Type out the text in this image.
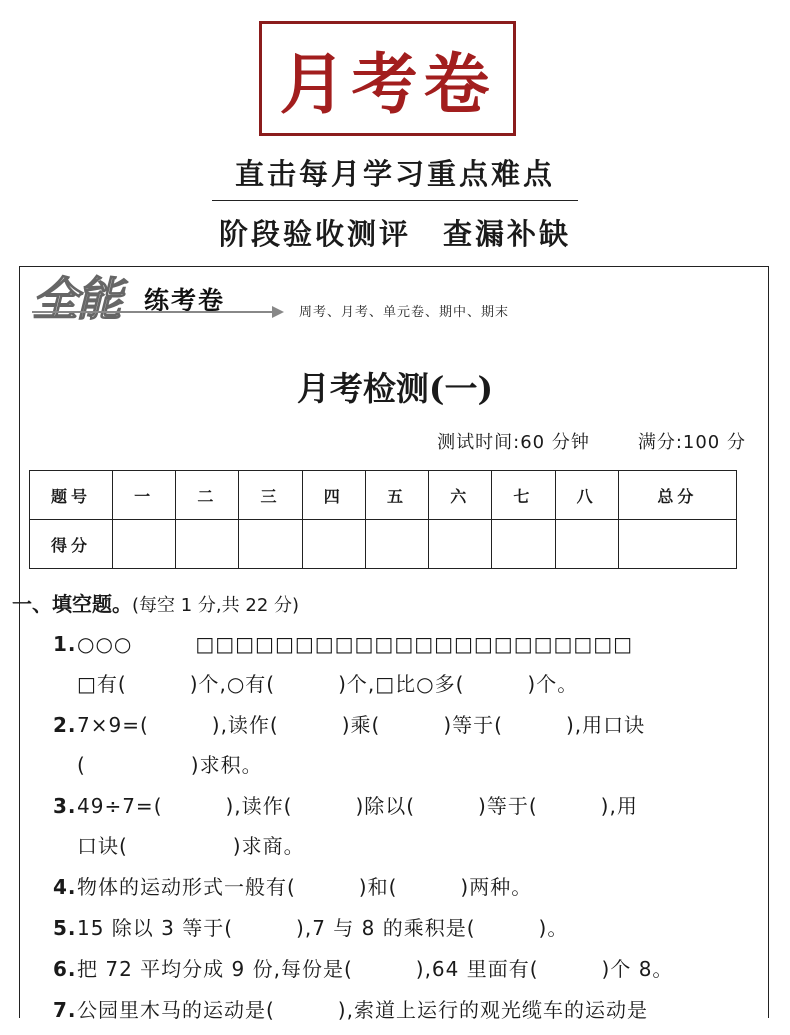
月考卷
直击每月学习重点难点
阶段验收测评　查漏补缺
全能 练考卷	周考、月考、单元卷、期中、期末
月考检测(一)
测试时间:60 分钟	满分:100 分
题号	一	二	三	四	五	六	七	八	总分
得分									
一、填空题。(每空 1 分,共 22 分)
1.○○○　　　□□□□□□□□□□□□□□□□□□□□□□
□有(　　　)个,○有(　　　)个,□比○多(　　　)个。
2.7×9=(　　　),读作(　　　)乘(　　　)等于(　　　),用口诀
(　　　　　)求积。
3.49÷7=(　　　),读作(　　　)除以(　　　)等于(　　　),用
口诀(　　　　　)求商。
4.物体的运动形式一般有(　　　)和(　　　)两种。
5.15 除以 3 等于(　　　),7 与 8 的乘积是(　　　)。
6.把 72 平均分成 9 份,每份是(　　　),64 里面有(　　　)个 8。
7.公园里木马的运动是(　　　),索道上运行的观光缆车的运动是
